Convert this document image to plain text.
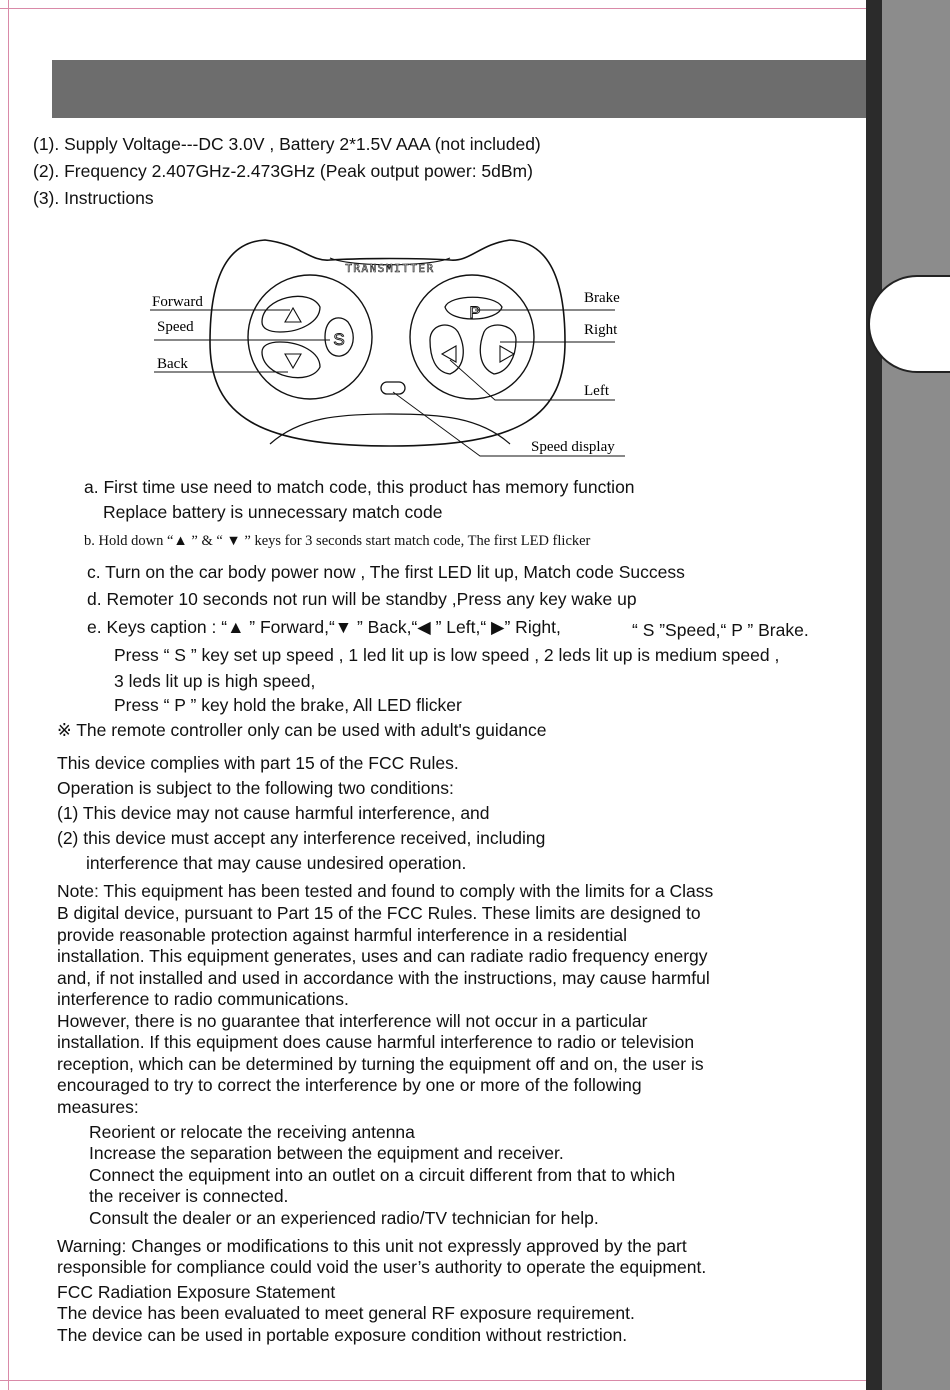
(1). Supply Voltage---DC 3.0V , Battery 2*1.5V AAA (not included)
(2). Frequency 2.407GHz-2.473GHz (Peak output power: 5dBm)
(3). Instructions
S
P
TRANSMITTER
Forward
Speed
Back
Brake
Right
Left
Speed display
a. First time use need to match code, this product has memory function
Replace battery is unnecessary match code
b. Hold down “▲ ” & “ ▼ ” keys for 3 seconds start match code, The first LED flicker
c. Turn on the car body power now , The first LED lit up, Match code Success
d. Remoter 10 seconds not run will be standby ,Press any key wake up
e. Keys caption : “▲ ” Forward,“▼ ” Back,“◀ ” Left,“ ▶” Right,	“ S ”Speed,“ P ” Brake.
Press “ S ” key set up speed , 1 led lit up is low speed , 2 leds lit up is medium speed ,
3 leds lit up is high speed,
Press “ P ” key hold the brake, All LED flicker
※ The remote controller only can be used with adult's guidance
This device complies with part 15 of the FCC Rules.
Operation is subject to the following two conditions:
(1) This device may not cause harmful interference, and
(2) this device must accept any interference received, including
interference that may cause undesired operation.
Note: This equipment has been tested and found to comply with the limits for a Class
B digital device, pursuant to Part 15 of the FCC Rules. These limits are designed to
provide reasonable protection against harmful interference in a residential
installation. This equipment generates, uses and can radiate radio frequency energy
and, if not installed and used in accordance with the instructions, may cause harmful
interference to radio communications.
However, there is no guarantee that interference will not occur in a particular
installation. If this equipment does cause harmful interference to radio or television
reception, which can be determined by turning the equipment off and on, the user is
encouraged to try to correct the interference by one or more of the following
measures:
Reorient or relocate the receiving antenna
Increase the separation between the equipment and receiver.
Connect the equipment into an outlet on a circuit different from that to which
the receiver is connected.
Consult the dealer or an experienced radio/TV technician for help.
Warning: Changes or modifications to this unit not expressly approved by the part
responsible for compliance could void the user’s authority to operate the equipment.
FCC Radiation Exposure Statement
The device has been evaluated to meet general RF exposure requirement.
The device can be used in portable exposure condition without restriction.
